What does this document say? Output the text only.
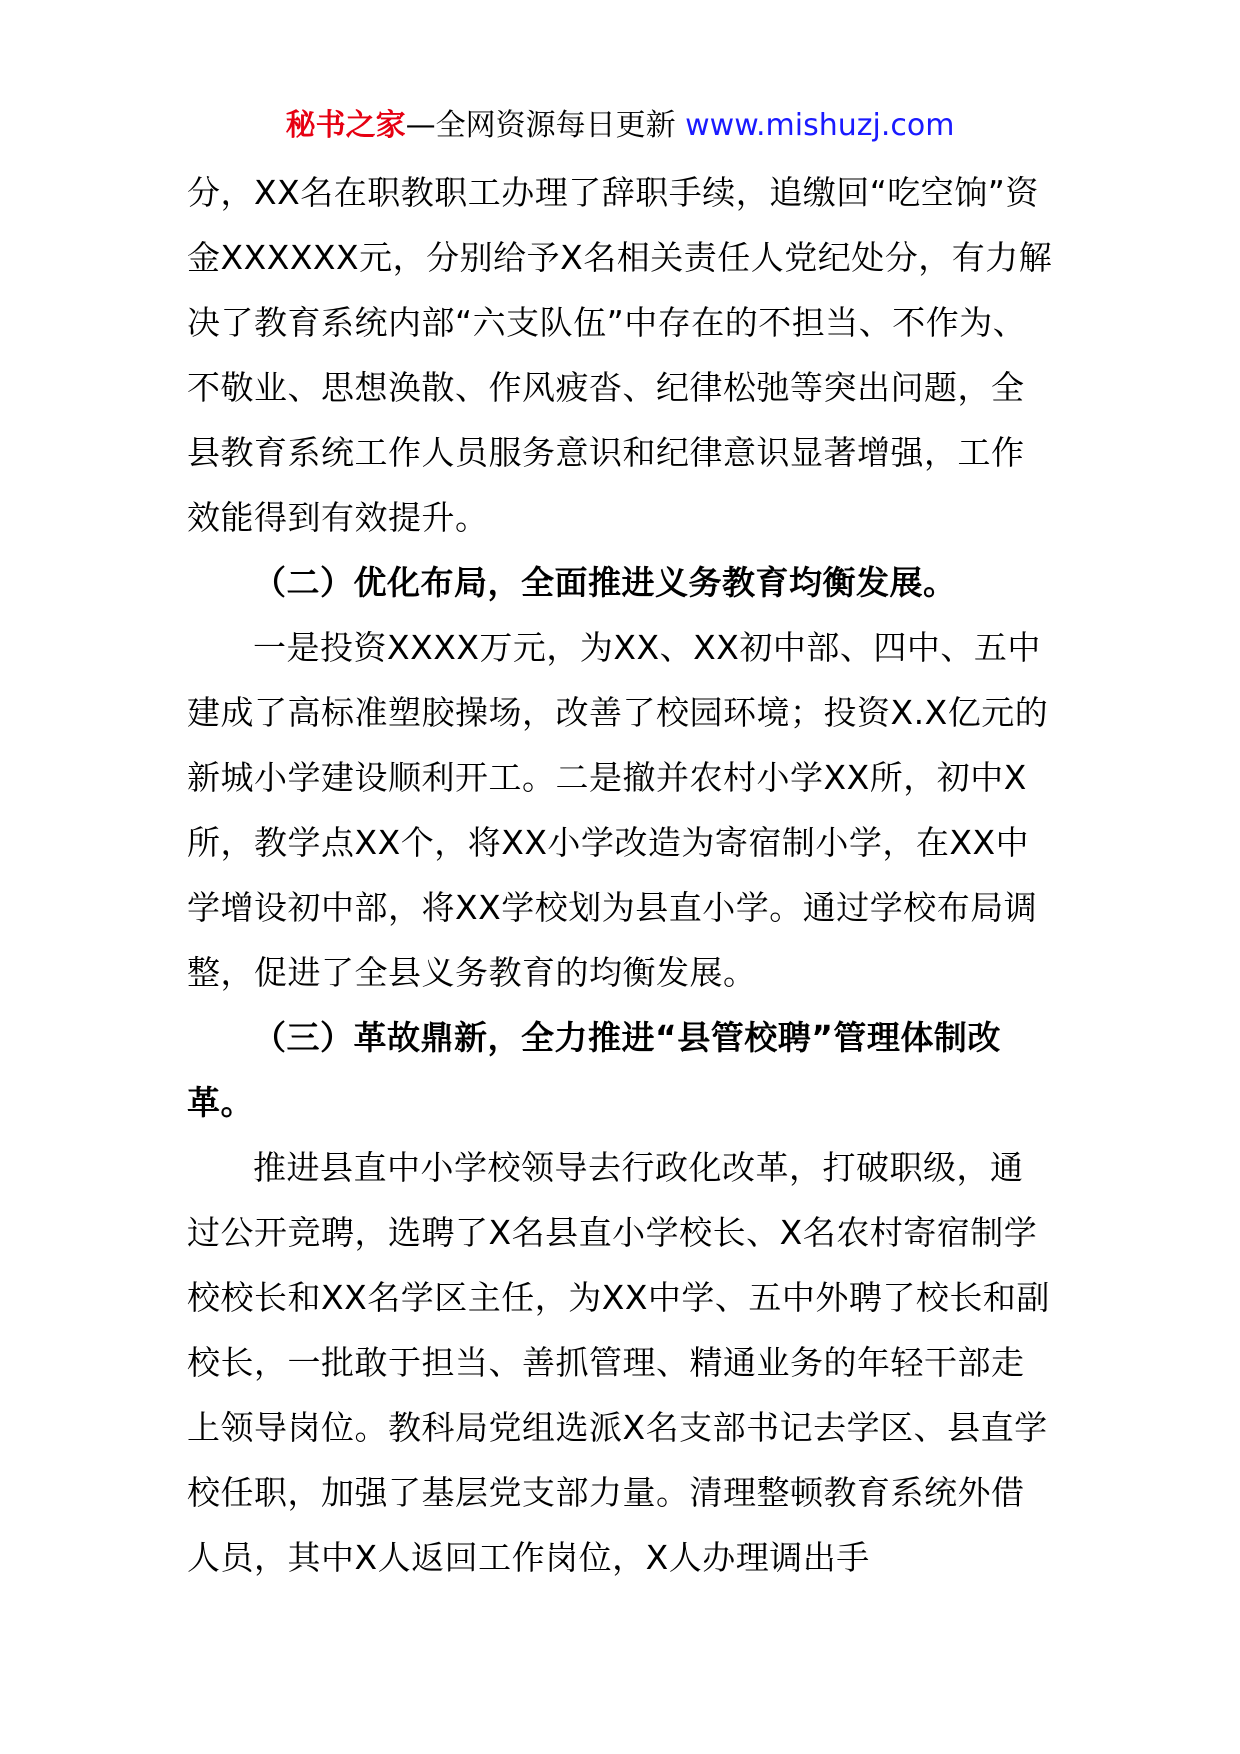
秘书之家—全网资源每日更新 www.mishuzj.com

分，XX名在职教职工办理了辞职手续，追缴回“吃空饷”资金XXXXXX元，分别给予X名相关责任人党纪处分，有力解决了教育系统内部“六支队伍”中存在的不担当、不作为、不敬业、思想涣散、作风疲沓、纪律松弛等突出问题，全县教育系统工作人员服务意识和纪律意识显著增强，工作效能得到有效提升。

（二）优化布局，全面推进义务教育均衡发展。

一是投资XXXX万元，为XX、XX初中部、四中、五中建成了高标准塑胶操场，改善了校园环境；投资X.X亿元的新城小学建设顺利开工。二是撤并农村小学XX所，初中X所，教学点XX个，将XX小学改造为寄宿制小学，在XX中学增设初中部，将XX学校划为县直小学。通过学校布局调整，促进了全县义务教育的均衡发展。

（三）革故鼎新，全力推进“县管校聘”管理体制改革。

推进县直中小学校领导去行政化改革，打破职级，通过公开竞聘，选聘了X名县直小学校长、X名农村寄宿制学校校长和XX名学区主任，为XX中学、五中外聘了校长和副校长，一批敢于担当、善抓管理、精通业务的年轻干部走上领导岗位。教科局党组选派X名支部书记去学区、县直学校任职，加强了基层党支部力量。清理整顿教育系统外借人员，其中X人返回工作岗位，X人办理调出手
